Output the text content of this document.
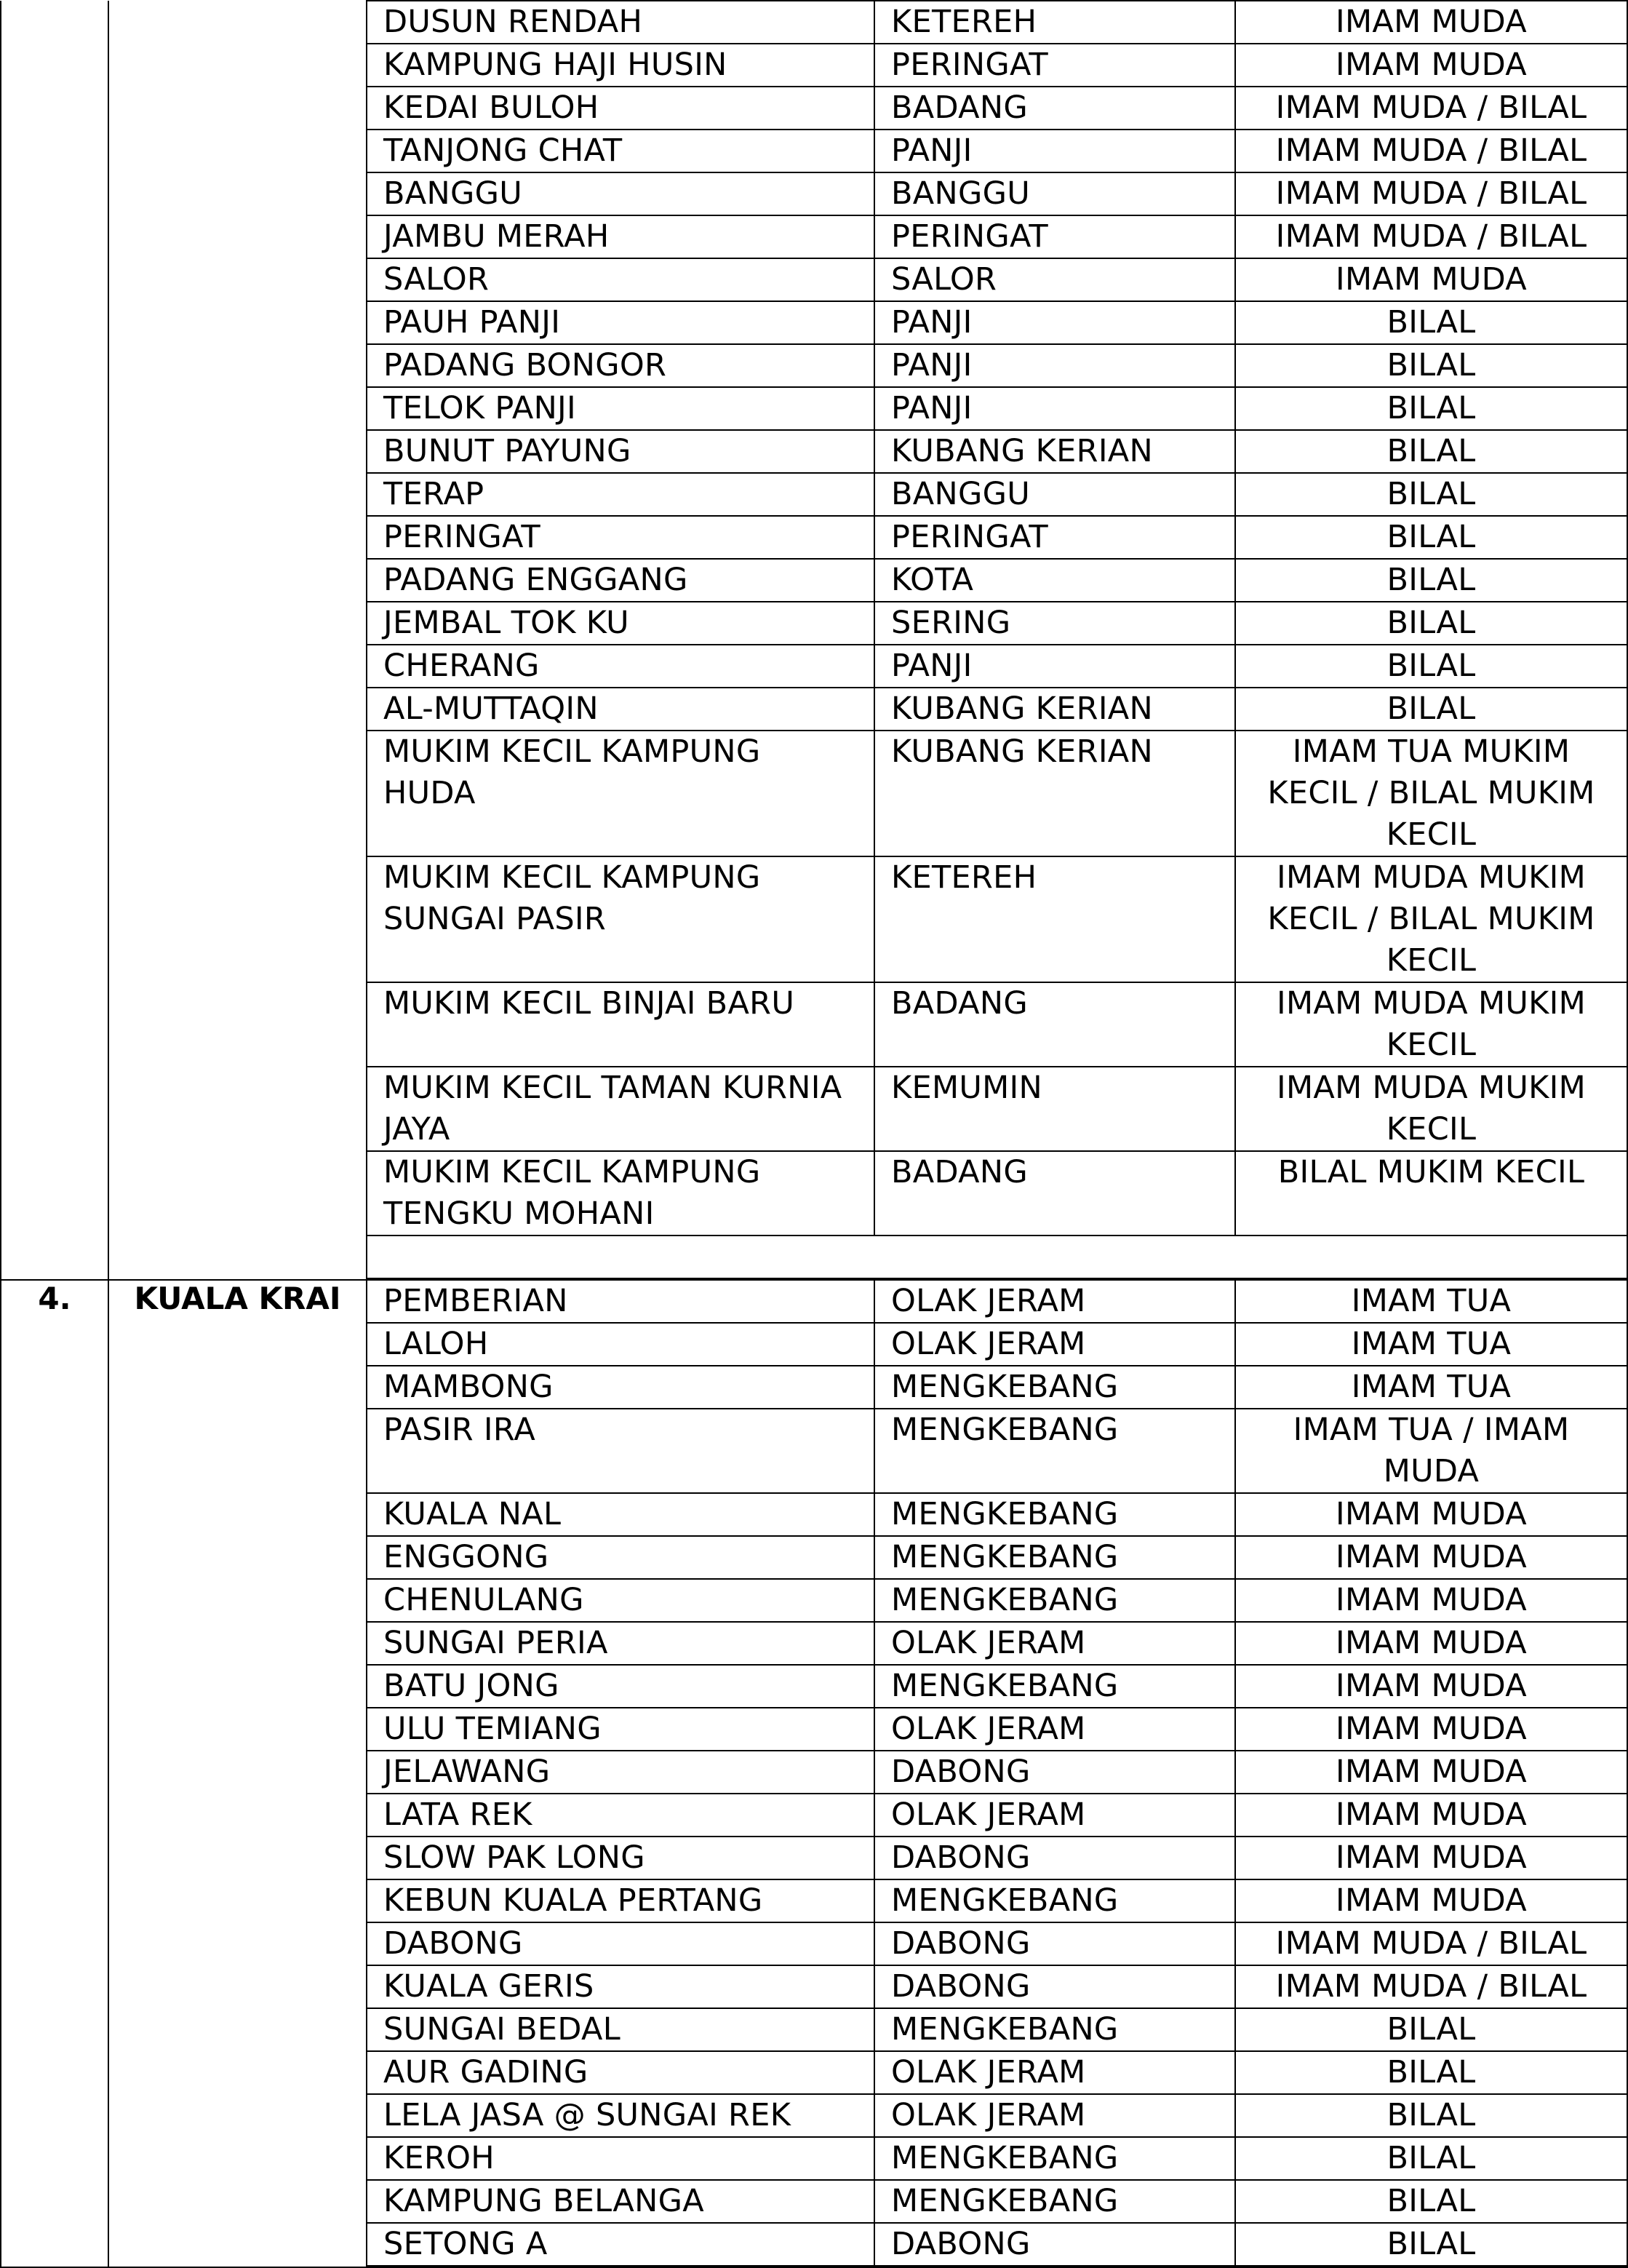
DUSUN RENDAH	KETEREH	IMAM MUDA
KAMPUNG HAJI HUSIN	PERINGAT	IMAM MUDA
KEDAI BULOH	BADANG	IMAM MUDA / BILAL
TANJONG CHAT	PANJI	IMAM MUDA / BILAL
BANGGU	BANGGU	IMAM MUDA / BILAL
JAMBU MERAH	PERINGAT	IMAM MUDA / BILAL
SALOR	SALOR	IMAM MUDA
PAUH PANJI	PANJI	BILAL
PADANG BONGOR	PANJI	BILAL
TELOK PANJI	PANJI	BILAL
BUNUT PAYUNG	KUBANG KERIAN	BILAL
TERAP	BANGGU	BILAL
PERINGAT	PERINGAT	BILAL
PADANG ENGGANG	KOTA	BILAL
JEMBAL TOK KU	SERING	BILAL
CHERANG	PANJI	BILAL
AL-MUTTAQIN	KUBANG KERIAN	BILAL
MUKIM KECIL KAMPUNG HUDA	KUBANG KERIAN	IMAM TUA MUKIM KECIL / BILAL MUKIM KECIL
MUKIM KECIL KAMPUNG SUNGAI PASIR	KETEREH	IMAM MUDA MUKIM KECIL / BILAL MUKIM KECIL
MUKIM KECIL BINJAI BARU	BADANG	IMAM MUDA MUKIM KECIL
MUKIM KECIL TAMAN KURNIA JAYA	KEMUMIN	IMAM MUDA MUKIM KECIL
MUKIM KECIL KAMPUNG TENGKU MOHANI	BADANG	BILAL MUKIM KECIL

4.	KUALA KRAI	PEMBERIAN	OLAK JERAM	IMAM TUA
LALOH	OLAK JERAM	IMAM TUA
MAMBONG	MENGKEBANG	IMAM TUA
PASIR IRA	MENGKEBANG	IMAM TUA / IMAM MUDA
KUALA NAL	MENGKEBANG	IMAM MUDA
ENGGONG	MENGKEBANG	IMAM MUDA
CHENULANG	MENGKEBANG	IMAM MUDA
SUNGAI PERIA	OLAK JERAM	IMAM MUDA
BATU JONG	MENGKEBANG	IMAM MUDA
ULU TEMIANG	OLAK JERAM	IMAM MUDA
JELAWANG	DABONG	IMAM MUDA
LATA REK	OLAK JERAM	IMAM MUDA
SLOW PAK LONG	DABONG	IMAM MUDA
KEBUN KUALA PERTANG	MENGKEBANG	IMAM MUDA
DABONG	DABONG	IMAM MUDA / BILAL
KUALA GERIS	DABONG	IMAM MUDA / BILAL
SUNGAI BEDAL	MENGKEBANG	BILAL
AUR GADING	OLAK JERAM	BILAL
LELA JASA @ SUNGAI REK	OLAK JERAM	BILAL
KEROH	MENGKEBANG	BILAL
KAMPUNG BELANGA	MENGKEBANG	BILAL
SETONG A	DABONG	BILAL
